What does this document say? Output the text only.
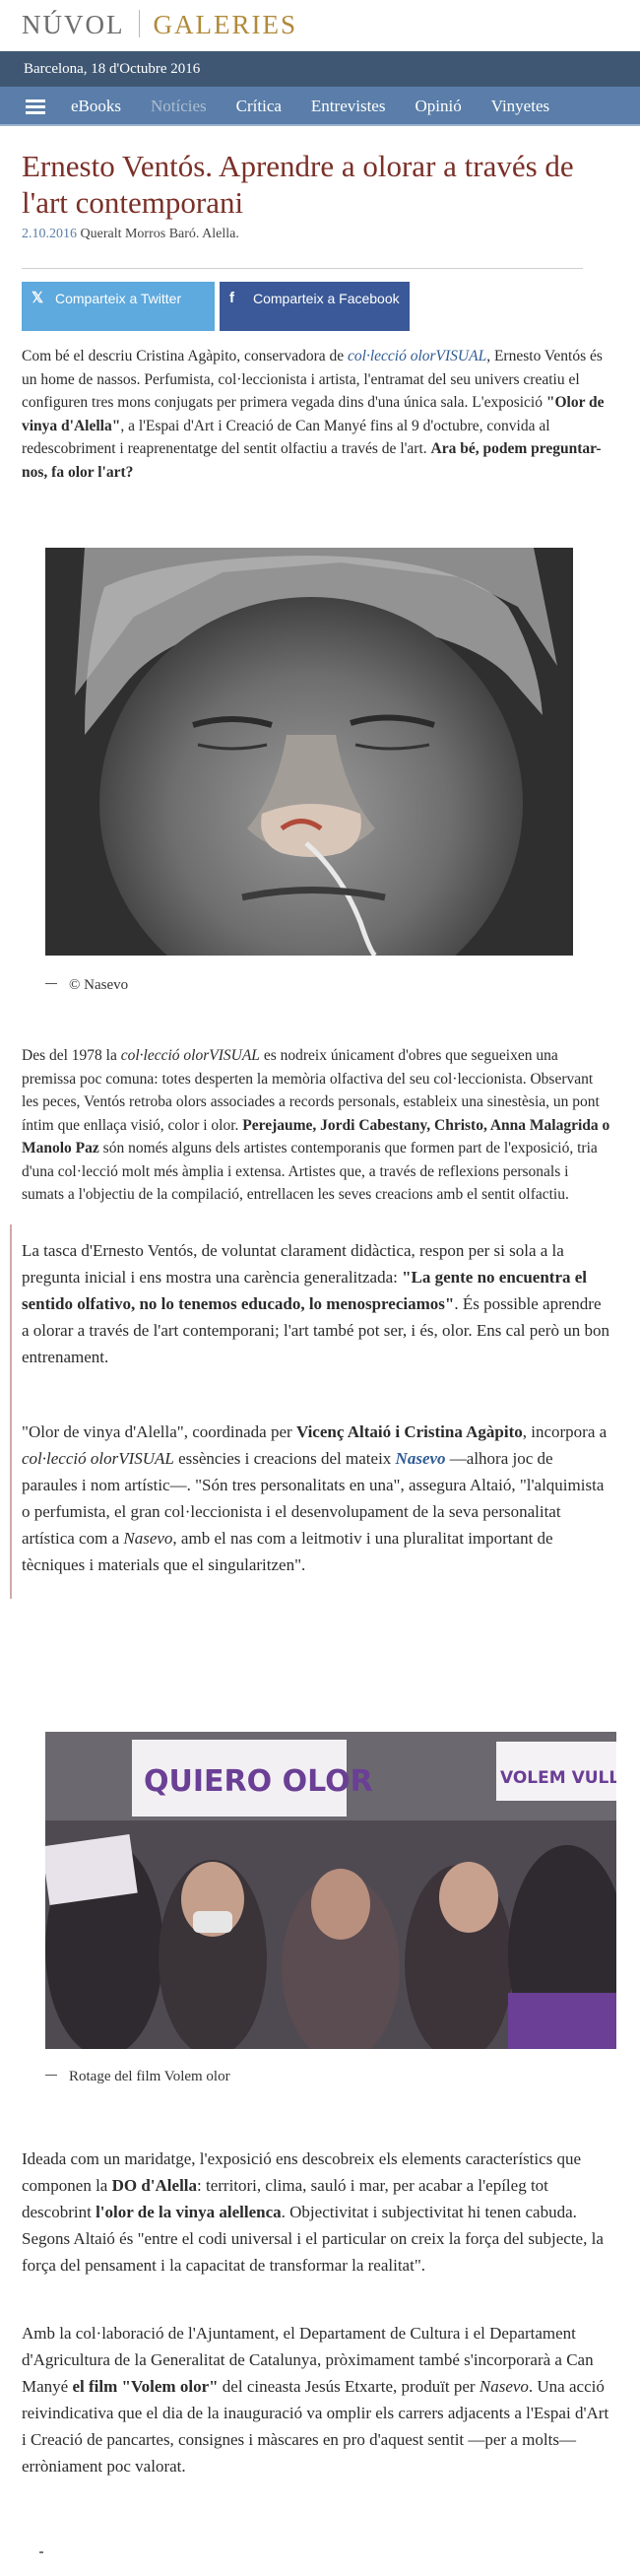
NÚVOL GALERIES
Barcelona, 18 d'Octubre 2016
eBooks Notícies Crítica Entrevistes Opinió Vinyetes
Ernesto Ventós. Aprendre a olorar a través de l'art contemporani
2.10.2016 Queralt Morros Baró. Alella.
𝕏 Comparteix a Twitter	f Comparteix a Facebook

Com bé el descriu Cristina Agàpito, conservadora de col·lecció olorVISUAL, Ernesto Ventós és un home de nassos. Perfumista, col·leccionista i artista, l'entramat del seu univers creatiu el configuren tres mons conjugats per primera vegada dins d'una única sala. L'exposició "Olor de vinya d'Alella", a l'Espai d'Art i Creació de Can Manyé fins al 9 d'octubre, convida al redescobriment i reaprenentatge del sentit olfactiu a través de l'art. Ara bé, podem preguntar-nos, fa olor l'art?

© Nasevo

Des del 1978 la col·lecció olorVISUAL es nodreix únicament d'obres que segueixen una premissa poc comuna: totes desperten la memòria olfactiva del seu col·leccionista. Observant les peces, Ventós retroba olors associades a records personals, estableix una sinestèsia, un pont íntim que enllaça visió, color i olor. Perejaume, Jordi Cabestany, Christo, Anna Malagrida o Manolo Paz són només alguns dels artistes contemporanis que formen part de l'exposició, tria d'una col·lecció molt més àmplia i extensa. Artistes que, a través de reflexions personals i sumats a l'objectiu de la compilació, entrellacen les seves creacions amb el sentit olfactiu.

La tasca d'Ernesto Ventós, de voluntat clarament didàctica, respon per si sola a la pregunta inicial i ens mostra una carència generalitzada: "La gente no encuentra el sentido olfativo, no lo tenemos educado, lo menospreciamos". És possible aprendre a olorar a través de l'art contemporani; l'art també pot ser, i és, olor. Ens cal però un bon entrenament.

"Olor de vinya d'Alella", coordinada per Vicenç Altaió i Cristina Agàpito, incorpora a col·lecció olorVISUAL essències i creacions del mateix Nasevo —alhora joc de paraules i nom artístic—. "Són tres personalitats en una", assegura Altaió, "l'alquimista o perfumista, el gran col·leccionista i el desenvolupament de la seva personalitat artística com a Nasevo, amb el nas com a leitmotiv i una pluralitat important de tècniques i materials que el singularitzen".

QUIERO OLOR	VOLEM VULL
Rotage del film Volem olor

Ideada com un maridatge, l'exposició ens descobreix els elements característics que componen la DO d'Alella: territori, clima, sauló i mar, per acabar a l'epíleg tot descobrint l'olor de la vinya alellenca. Objectivitat i subjectivitat hi tenen cabuda. Segons Altaió és "entre el codi universal i el particular on creix la força del subjecte, la força del pensament i la capacitat de transformar la realitat".

Amb la col·laboració de l'Ajuntament, el Departament de Cultura i el Departament d'Agricultura de la Generalitat de Catalunya, pròximament també s'incorporarà a Can Manyé el film "Volem olor" del cineasta Jesús Etxarte, produït per Nasevo. Una acció reivindicativa que el dia de la inauguració va omplir els carrers adjacents a l'Espai d'Art i Creació de pancartes, consignes i màscares en pro d'aquest sentit —per a molts— erròniament poc valorat.
